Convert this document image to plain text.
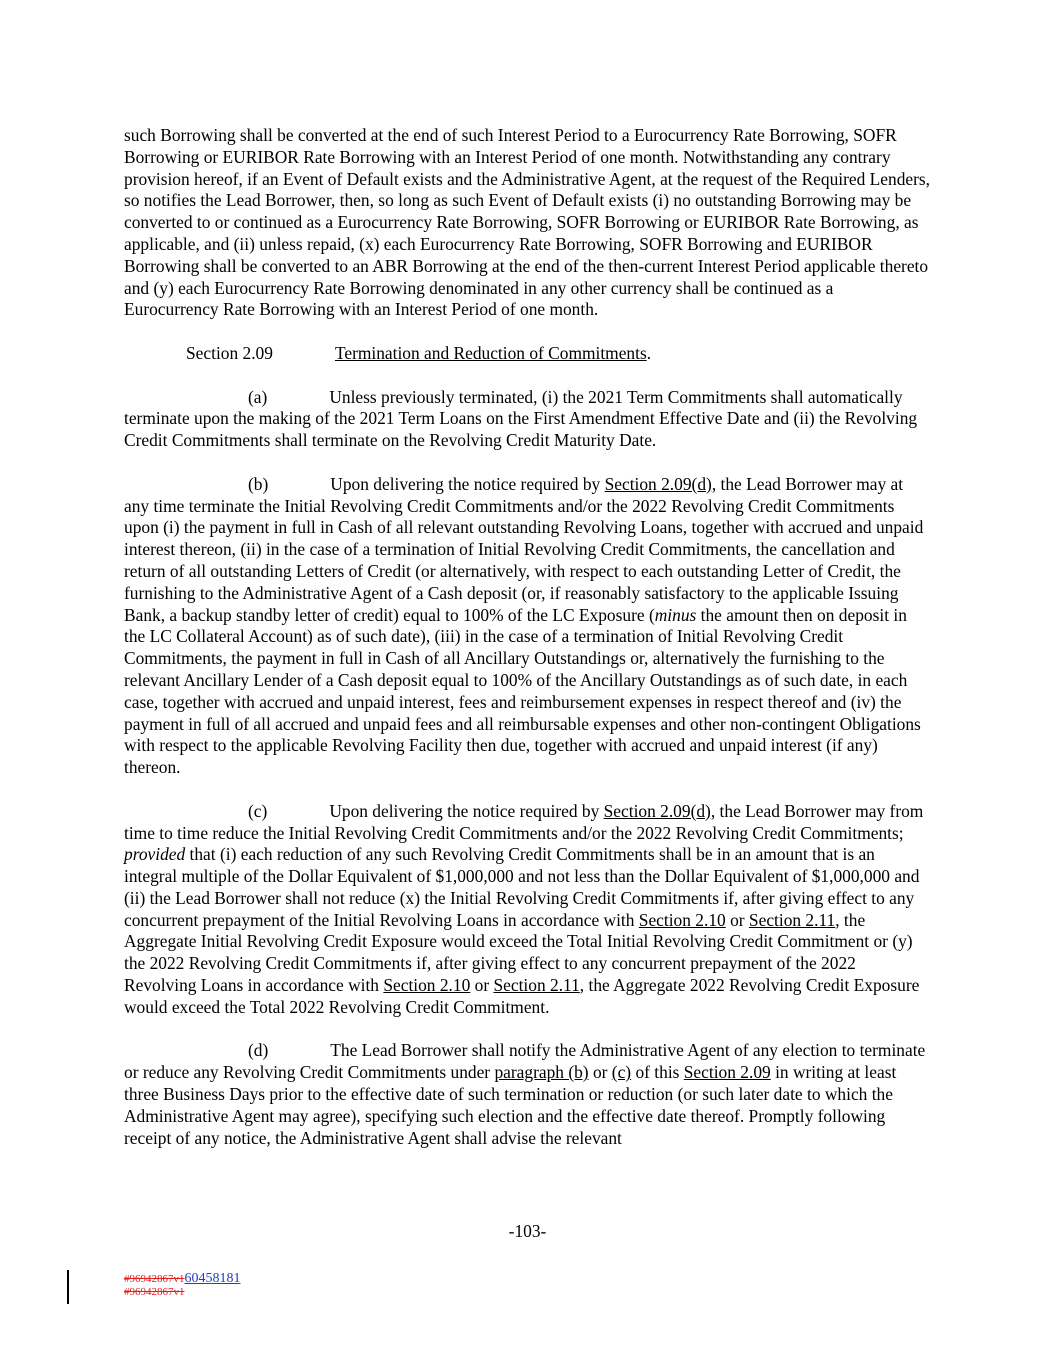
such Borrowing shall be converted at the end of such Interest Period to a Eurocurrency Rate Borrowing, SOFR Borrowing or EURIBOR Rate Borrowing with an Interest Period of one month. Notwithstanding any contrary provision hereof, if an Event of Default exists and the Administrative Agent, at the request of the Required Lenders, so notifies the Lead Borrower, then, so long as such Event of Default exists (i) no outstanding Borrowing may be converted to or continued as a Eurocurrency Rate Borrowing, SOFR Borrowing or EURIBOR Rate Borrowing, as applicable, and (ii) unless repaid, (x) each Eurocurrency Rate Borrowing, SOFR Borrowing and EURIBOR Borrowing shall be converted to an ABR Borrowing at the end of the then-current Interest Period applicable thereto and (y) each Eurocurrency Rate Borrowing denominated in any other currency shall be continued as a Eurocurrency Rate Borrowing with an Interest Period of one month.

Section 2.09	Termination and Reduction of Commitments.

(a)	Unless previously terminated, (i) the 2021 Term Commitments shall automatically terminate upon the making of the 2021 Term Loans on the First Amendment Effective Date and (ii) the Revolving Credit Commitments shall terminate on the Revolving Credit Maturity Date.

(b)	Upon delivering the notice required by Section 2.09(d), the Lead Borrower may at any time terminate the Initial Revolving Credit Commitments and/or the 2022 Revolving Credit Commitments upon (i) the payment in full in Cash of all relevant outstanding Revolving Loans, together with accrued and unpaid interest thereon, (ii) in the case of a termination of Initial Revolving Credit Commitments, the cancellation and return of all outstanding Letters of Credit (or alternatively, with respect to each outstanding Letter of Credit, the furnishing to the Administrative Agent of a Cash deposit (or, if reasonably satisfactory to the applicable Issuing Bank, a backup standby letter of credit) equal to 100% of the LC Exposure (minus the amount then on deposit in the LC Collateral Account) as of such date), (iii) in the case of a termination of Initial Revolving Credit Commitments, the payment in full in Cash of all Ancillary Outstandings or, alternatively the furnishing to the relevant Ancillary Lender of a Cash deposit equal to 100% of the Ancillary Outstandings as of such date, in each case, together with accrued and unpaid interest, fees and reimbursement expenses in respect thereof and (iv) the payment in full of all accrued and unpaid fees and all reimbursable expenses and other non-contingent Obligations with respect to the applicable Revolving Facility then due, together with accrued and unpaid interest (if any) thereon.

(c)	Upon delivering the notice required by Section 2.09(d), the Lead Borrower may from time to time reduce the Initial Revolving Credit Commitments and/or the 2022 Revolving Credit Commitments; provided that (i) each reduction of any such Revolving Credit Commitments shall be in an amount that is an integral multiple of the Dollar Equivalent of $1,000,000 and not less than the Dollar Equivalent of $1,000,000 and (ii) the Lead Borrower shall not reduce (x) the Initial Revolving Credit Commitments if, after giving effect to any concurrent prepayment of the Initial Revolving Loans in accordance with Section 2.10 or Section 2.11, the Aggregate Initial Revolving Credit Exposure would exceed the Total Initial Revolving Credit Commitment or (y) the 2022 Revolving Credit Commitments if, after giving effect to any concurrent prepayment of the 2022 Revolving Loans in accordance with Section 2.10 or Section 2.11, the Aggregate 2022 Revolving Credit Exposure would exceed the Total 2022 Revolving Credit Commitment.

(d)	The Lead Borrower shall notify the Administrative Agent of any election to terminate or reduce any Revolving Credit Commitments under paragraph (b) or (c) of this Section 2.09 in writing at least three Business Days prior to the effective date of such termination or reduction (or such later date to which the Administrative Agent may agree), specifying such election and the effective date thereof. Promptly following receipt of any notice, the Administrative Agent shall advise the relevant

-103-
#96942867v160458181
#96942867v1
